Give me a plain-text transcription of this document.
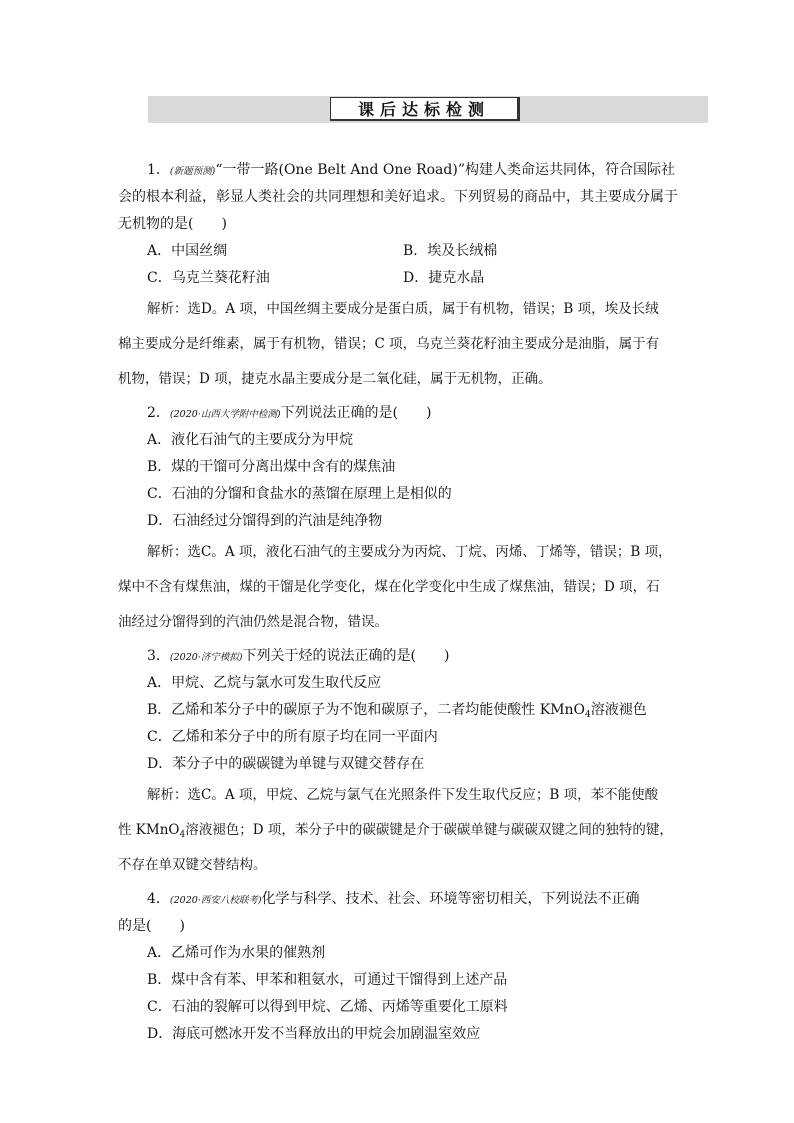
课后达标检测
1．(新题预测)“一带一路(One Belt And One Road)”构建人类命运共同体，符合国际社
会的根本利益，彰显人类社会的共同理想和美好追求。下列贸易的商品中，其主要成分属于
无机物的是(　　)
A．中国丝绸	B．埃及长绒棉
C．乌克兰葵花籽油	D．捷克水晶
解析：选D。A 项，中国丝绸主要成分是蛋白质，属于有机物，错误；B 项，埃及长绒
棉主要成分是纤维素，属于有机物，错误；C 项，乌克兰葵花籽油主要成分是油脂，属于有
机物，错误；D 项，捷克水晶主要成分是二氧化硅，属于无机物，正确。
2．(2020·山西大学附中检测)下列说法正确的是(　　)
A．液化石油气的主要成分为甲烷
B．煤的干馏可分离出煤中含有的煤焦油
C．石油的分馏和食盐水的蒸馏在原理上是相似的
D．石油经过分馏得到的汽油是纯净物
解析：选C。A 项，液化石油气的主要成分为丙烷、丁烷、丙烯、丁烯等，错误；B 项，
煤中不含有煤焦油，煤的干馏是化学变化，煤在化学变化中生成了煤焦油，错误；D 项，石
油经过分馏得到的汽油仍然是混合物，错误。
3．(2020·济宁模拟)下列关于烃的说法正确的是(　　)
A．甲烷、乙烷与氯水可发生取代反应
B．乙烯和苯分子中的碳原子为不饱和碳原子，二者均能使酸性 KMnO$_4$溶液褪色
C．乙烯和苯分子中的所有原子均在同一平面内
D．苯分子中的碳碳键为单键与双键交替存在
解析：选C。A 项，甲烷、乙烷与氯气在光照条件下发生取代反应；B 项，苯不能使酸
性 KMnO$_4$溶液褪色；D 项，苯分子中的碳碳键是介于碳碳单键与碳碳双键之间的独特的键，
不存在单双键交替结构。
4．(2020·西安八校联考)化学与科学、技术、社会、环境等密切相关，下列说法不正确
的是(　　)
A．乙烯可作为水果的催熟剂
B．煤中含有苯、甲苯和粗氨水，可通过干馏得到上述产品
C．石油的裂解可以得到甲烷、乙烯、丙烯等重要化工原料
D．海底可燃冰开发不当释放出的甲烷会加剧温室效应
